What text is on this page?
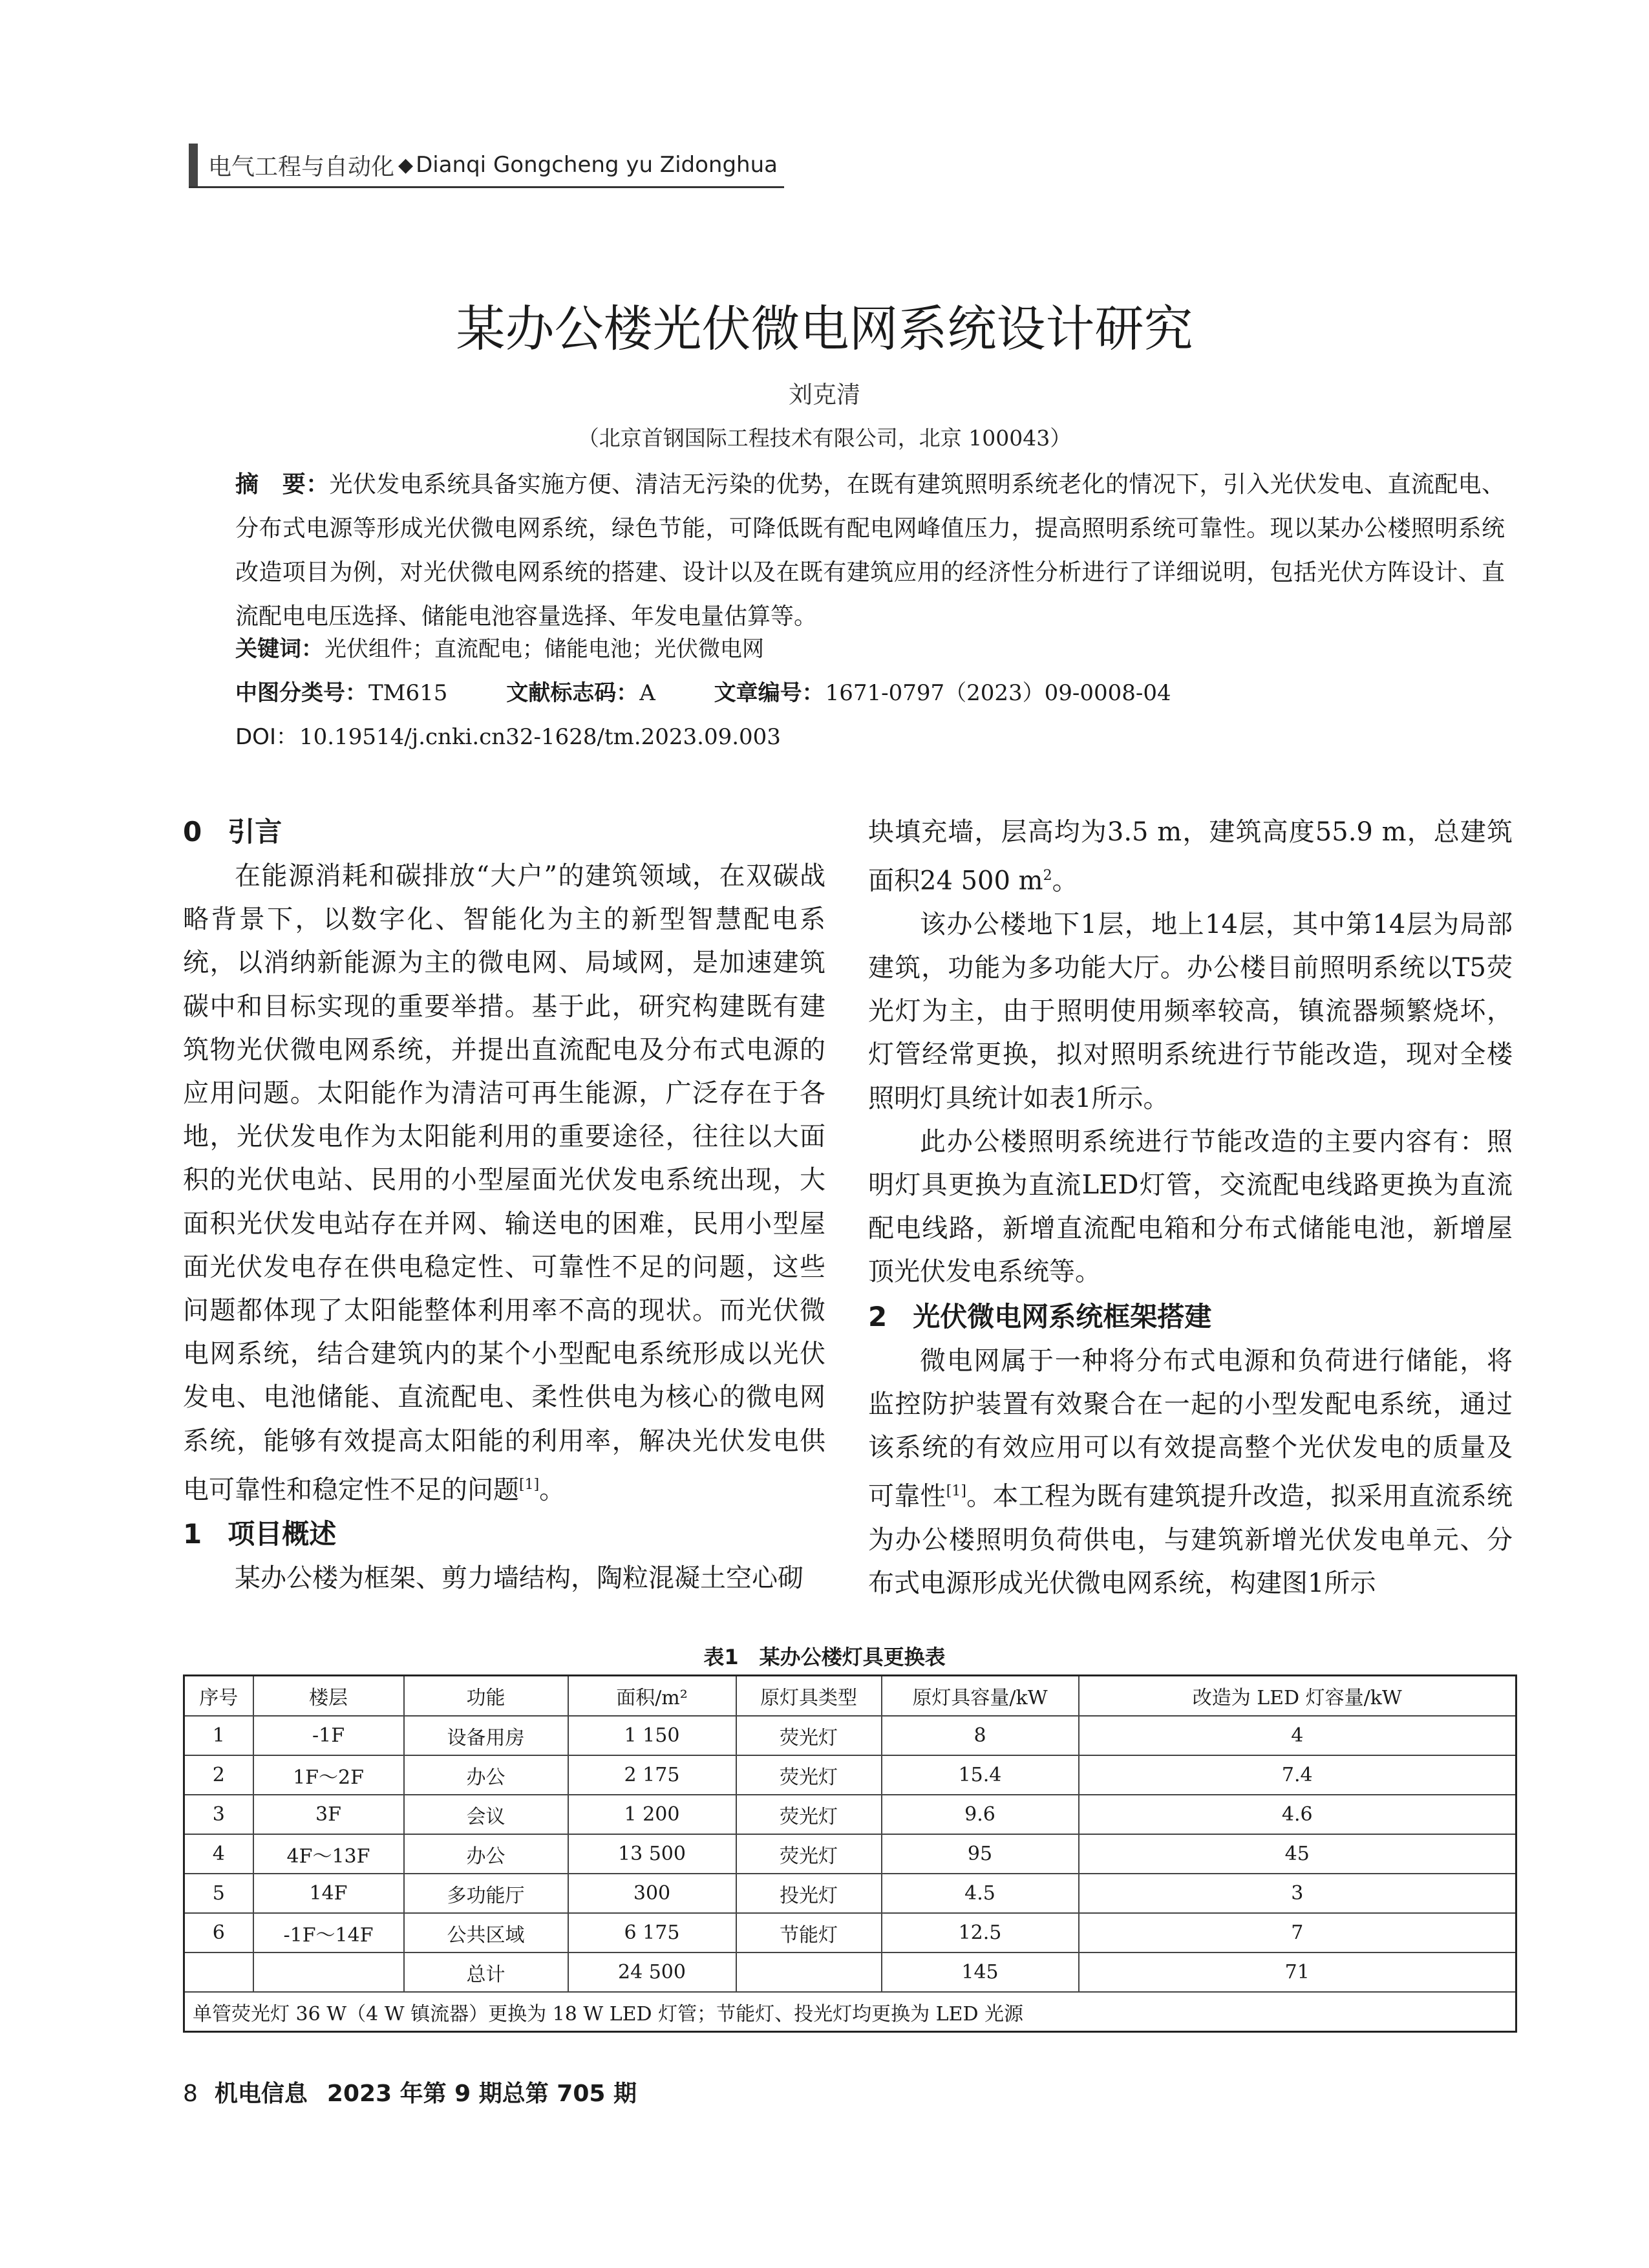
电气工程与自动化 ◆ Dianqi Gongcheng yu Zidonghua
某办公楼光伏微电网系统设计研究
刘克清
（北京首钢国际工程技术有限公司，北京 100043）
摘　要：光伏发电系统具备实施方便、清洁无污染的优势，在既有建筑照明系统老化的情况下，引入光伏发电、直流配电、分布式电源等形成光伏微电网系统，绿色节能，可降低既有配电网峰值压力，提高照明系统可靠性。现以某办公楼照明系统改造项目为例，对光伏微电网系统的搭建、设计以及在既有建筑应用的经济性分析进行了详细说明，包括光伏方阵设计、直流配电电压选择、储能电池容量选择、年发电量估算等。
关键词：光伏组件；直流配电；储能电池；光伏微电网
中图分类号：TM615	文献标志码：A	文章编号：1671-0797（2023）09-0008-04
DOI：10.19514/j.cnki.cn32-1628/tm.2023.09.003
0 引言

在能源消耗和碳排放“大户”的建筑领域，在双碳战略背景下，以数字化、智能化为主的新型智慧配电系统，以消纳新能源为主的微电网、局域网，是加速建筑碳中和目标实现的重要举措。基于此，研究构建既有建筑物光伏微电网系统，并提出直流配电及分布式电源的应用问题。太阳能作为清洁可再生能源，广泛存在于各地，光伏发电作为太阳能利用的重要途径，往往以大面积的光伏电站、民用的小型屋面光伏发电系统出现，大面积光伏发电站存在并网、输送电的困难，民用小型屋面光伏发电存在供电稳定性、可靠性不足的问题，这些问题都体现了太阳能整体利用率不高的现状。而光伏微电网系统，结合建筑内的某个小型配电系统形成以光伏发电、电池储能、直流配电、柔性供电为核心的微电网系统，能够有效提高太阳能的利用率，解决光伏发电供电可靠性和稳定性不足的问题[1]。

1 项目概述

某办公楼为框架、剪力墙结构，陶粒混凝土空心砌

块填充墙，层高均为3.5 m，建筑高度55.9 m，总建筑面积24 500 $m^2$。

该办公楼地下1层，地上14层，其中第14层为局部建筑，功能为多功能大厅。办公楼目前照明系统以T5荧光灯为主，由于照明使用频率较高，镇流器频繁烧坏，灯管经常更换，拟对照明系统进行节能改造，现对全楼照明灯具统计如表1所示。

此办公楼照明系统进行节能改造的主要内容有：照明灯具更换为直流LED灯管，交流配电线路更换为直流配电线路，新增直流配电箱和分布式储能电池，新增屋顶光伏发电系统等。

2 光伏微电网系统框架搭建

微电网属于一种将分布式电源和负荷进行储能，将监控防护装置有效聚合在一起的小型发配电系统，通过该系统的有效应用可以有效提高整个光伏发电的质量及可靠性[1]。本工程为既有建筑提升改造，拟采用直流系统为办公楼照明负荷供电，与建筑新增光伏发电单元、分布式电源形成光伏微电网系统，构建图1所示

表1　某办公楼灯具更换表
序号	楼层	功能	面积/m²	原灯具类型	原灯具容量/kW	改造为 LED 灯容量/kW
1	-1F	设备用房	1 150	荧光灯	8	4
2	1F～2F	办公	2 175	荧光灯	15.4	7.4
3	3F	会议	1 200	荧光灯	9.6	4.6
4	4F～13F	办公	13 500	荧光灯	95	45
5	14F	多功能厅	300	投光灯	4.5	3
6	-1F～14F	公共区域	6 175	节能灯	12.5	7
		总计	24 500		145	71
单管荧光灯 36 W（4 W 镇流器）更换为 18 W LED 灯管；节能灯、投光灯均更换为 LED 光源						
8 机电信息 2023 年第 9 期总第 705 期
